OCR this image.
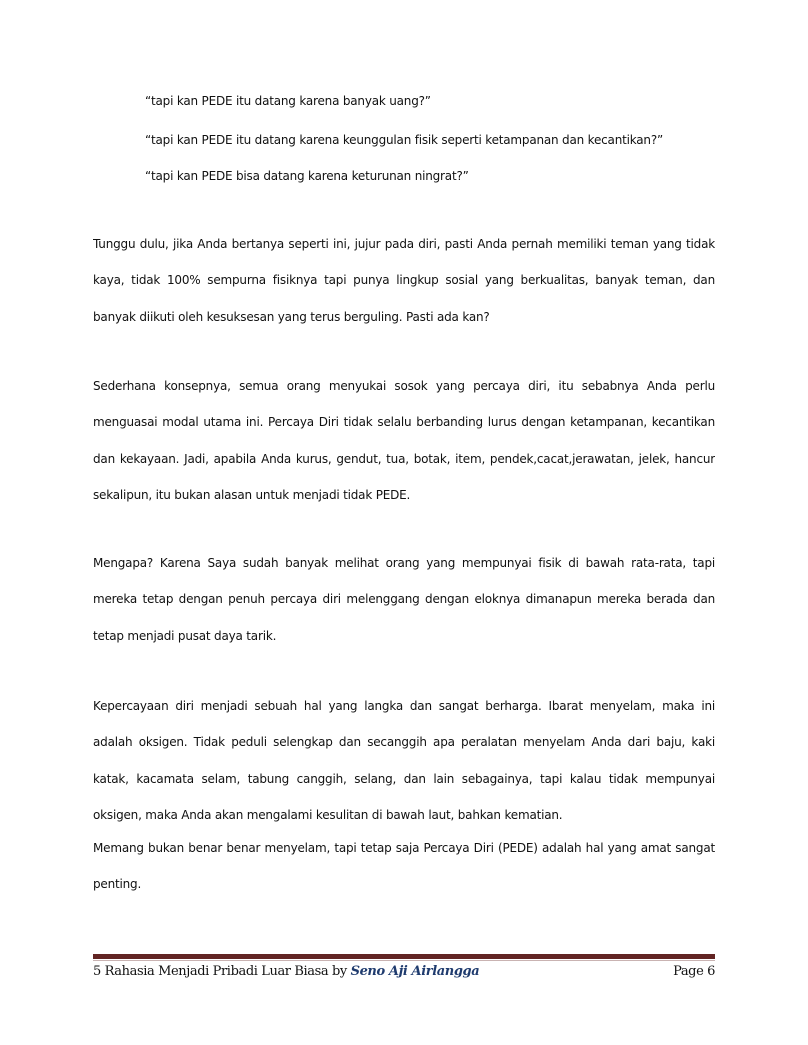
“tapi kan PEDE itu datang karena banyak uang?”
“tapi kan PEDE itu datang karena keunggulan fisik seperti ketampanan dan kecantikan?”
“tapi kan PEDE bisa datang karena keturunan ningrat?”
Tunggu dulu, jika Anda bertanya seperti ini, jujur pada diri, pasti Anda pernah memiliki teman yang tidak
kaya, tidak 100% sempurna fisiknya tapi punya lingkup sosial yang berkualitas, banyak teman, dan
banyak diikuti oleh kesuksesan yang terus berguling. Pasti ada kan?
Sederhana konsepnya, semua orang menyukai sosok yang percaya diri, itu sebabnya Anda perlu
menguasai modal utama ini. Percaya Diri tidak selalu berbanding lurus dengan ketampanan, kecantikan
dan kekayaan. Jadi, apabila Anda kurus, gendut, tua, botak, item, pendek,cacat,jerawatan, jelek, hancur
sekalipun, itu bukan alasan untuk menjadi tidak PEDE.
Mengapa? Karena Saya sudah banyak melihat orang yang mempunyai fisik di bawah rata-rata, tapi
mereka tetap dengan penuh percaya diri melenggang dengan eloknya dimanapun mereka berada dan
tetap menjadi pusat daya tarik.
Kepercayaan diri menjadi sebuah hal yang langka dan sangat berharga. Ibarat menyelam, maka ini
adalah oksigen. Tidak peduli selengkap dan secanggih apa peralatan menyelam Anda dari baju, kaki
katak, kacamata selam, tabung canggih, selang, dan lain sebagainya, tapi kalau tidak mempunyai
oksigen, maka Anda akan mengalami kesulitan di bawah laut, bahkan kematian.
Memang bukan benar benar menyelam, tapi tetap saja Percaya Diri (PEDE) adalah hal yang amat sangat
penting.
5 Rahasia Menjadi Pribadi Luar Biasa by Seno Aji Airlangga	Page 6
